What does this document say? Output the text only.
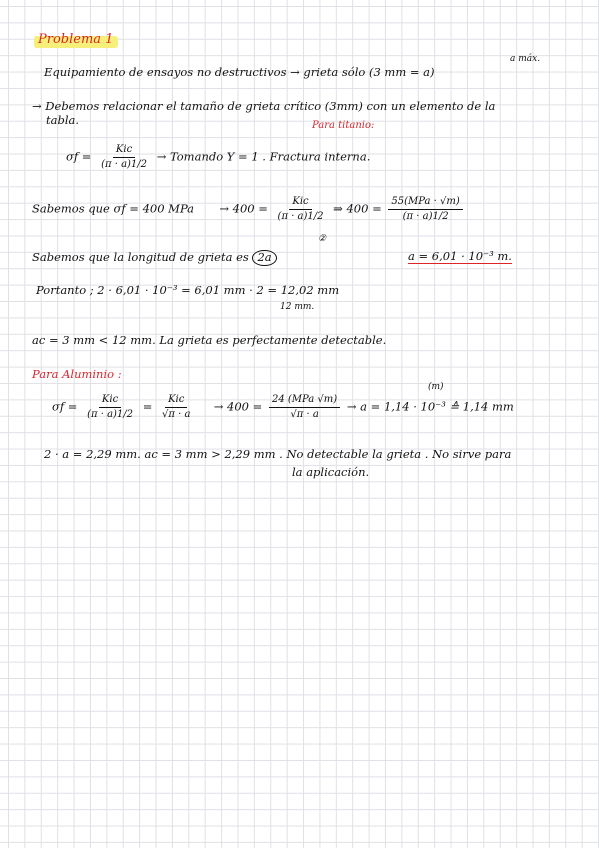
Problema 1
a máx.
Equipamiento de ensayos no destructivos → grieta sólo (3 mm = a)
→ Debemos relacionar el tamaño de grieta crítico (3mm) con un elemento de la
tabla.	Para titanio:
$\sigma f = \frac{\text{Kic}}{(\pi \cdot a)1/2}$ → Tomando Y = 1 . Fractura interna.
Sabemos que σf = 400 MPa → $400 = \frac{\text{Kic}}{(\pi \cdot a)1/2}$ ⇒ $400 = \frac{\text{55(MPa · √m)}}{(\pi \cdot a)1/2}$
Sabemos que la longitud de grieta es 2a
②
a = 6,01 · 10⁻³ m.
Portanto ; 2 · 6,01 · 10⁻³ = 6,01 mm · 2 = 12,02 mm
12 mm.
ac = 3 mm < 12 mm. La grieta es perfectamente detectable.
Para Aluminio :
(m)
$\sigma f = \frac{\text{Kic}}{(\pi \cdot a)1/2} = \frac{\text{Kic}}{√\pi \cdot a} \to 400 = \frac{\text{24 (MPa √m)}}{√\pi \cdot a} \to a = 1,14 \cdot 10^{-3}$ ≙ 1,14 mm
2 · a = 2,29 mm. ac = 3 mm > 2,29 mm . No detectable la grieta . No sirve para
la aplicación.
